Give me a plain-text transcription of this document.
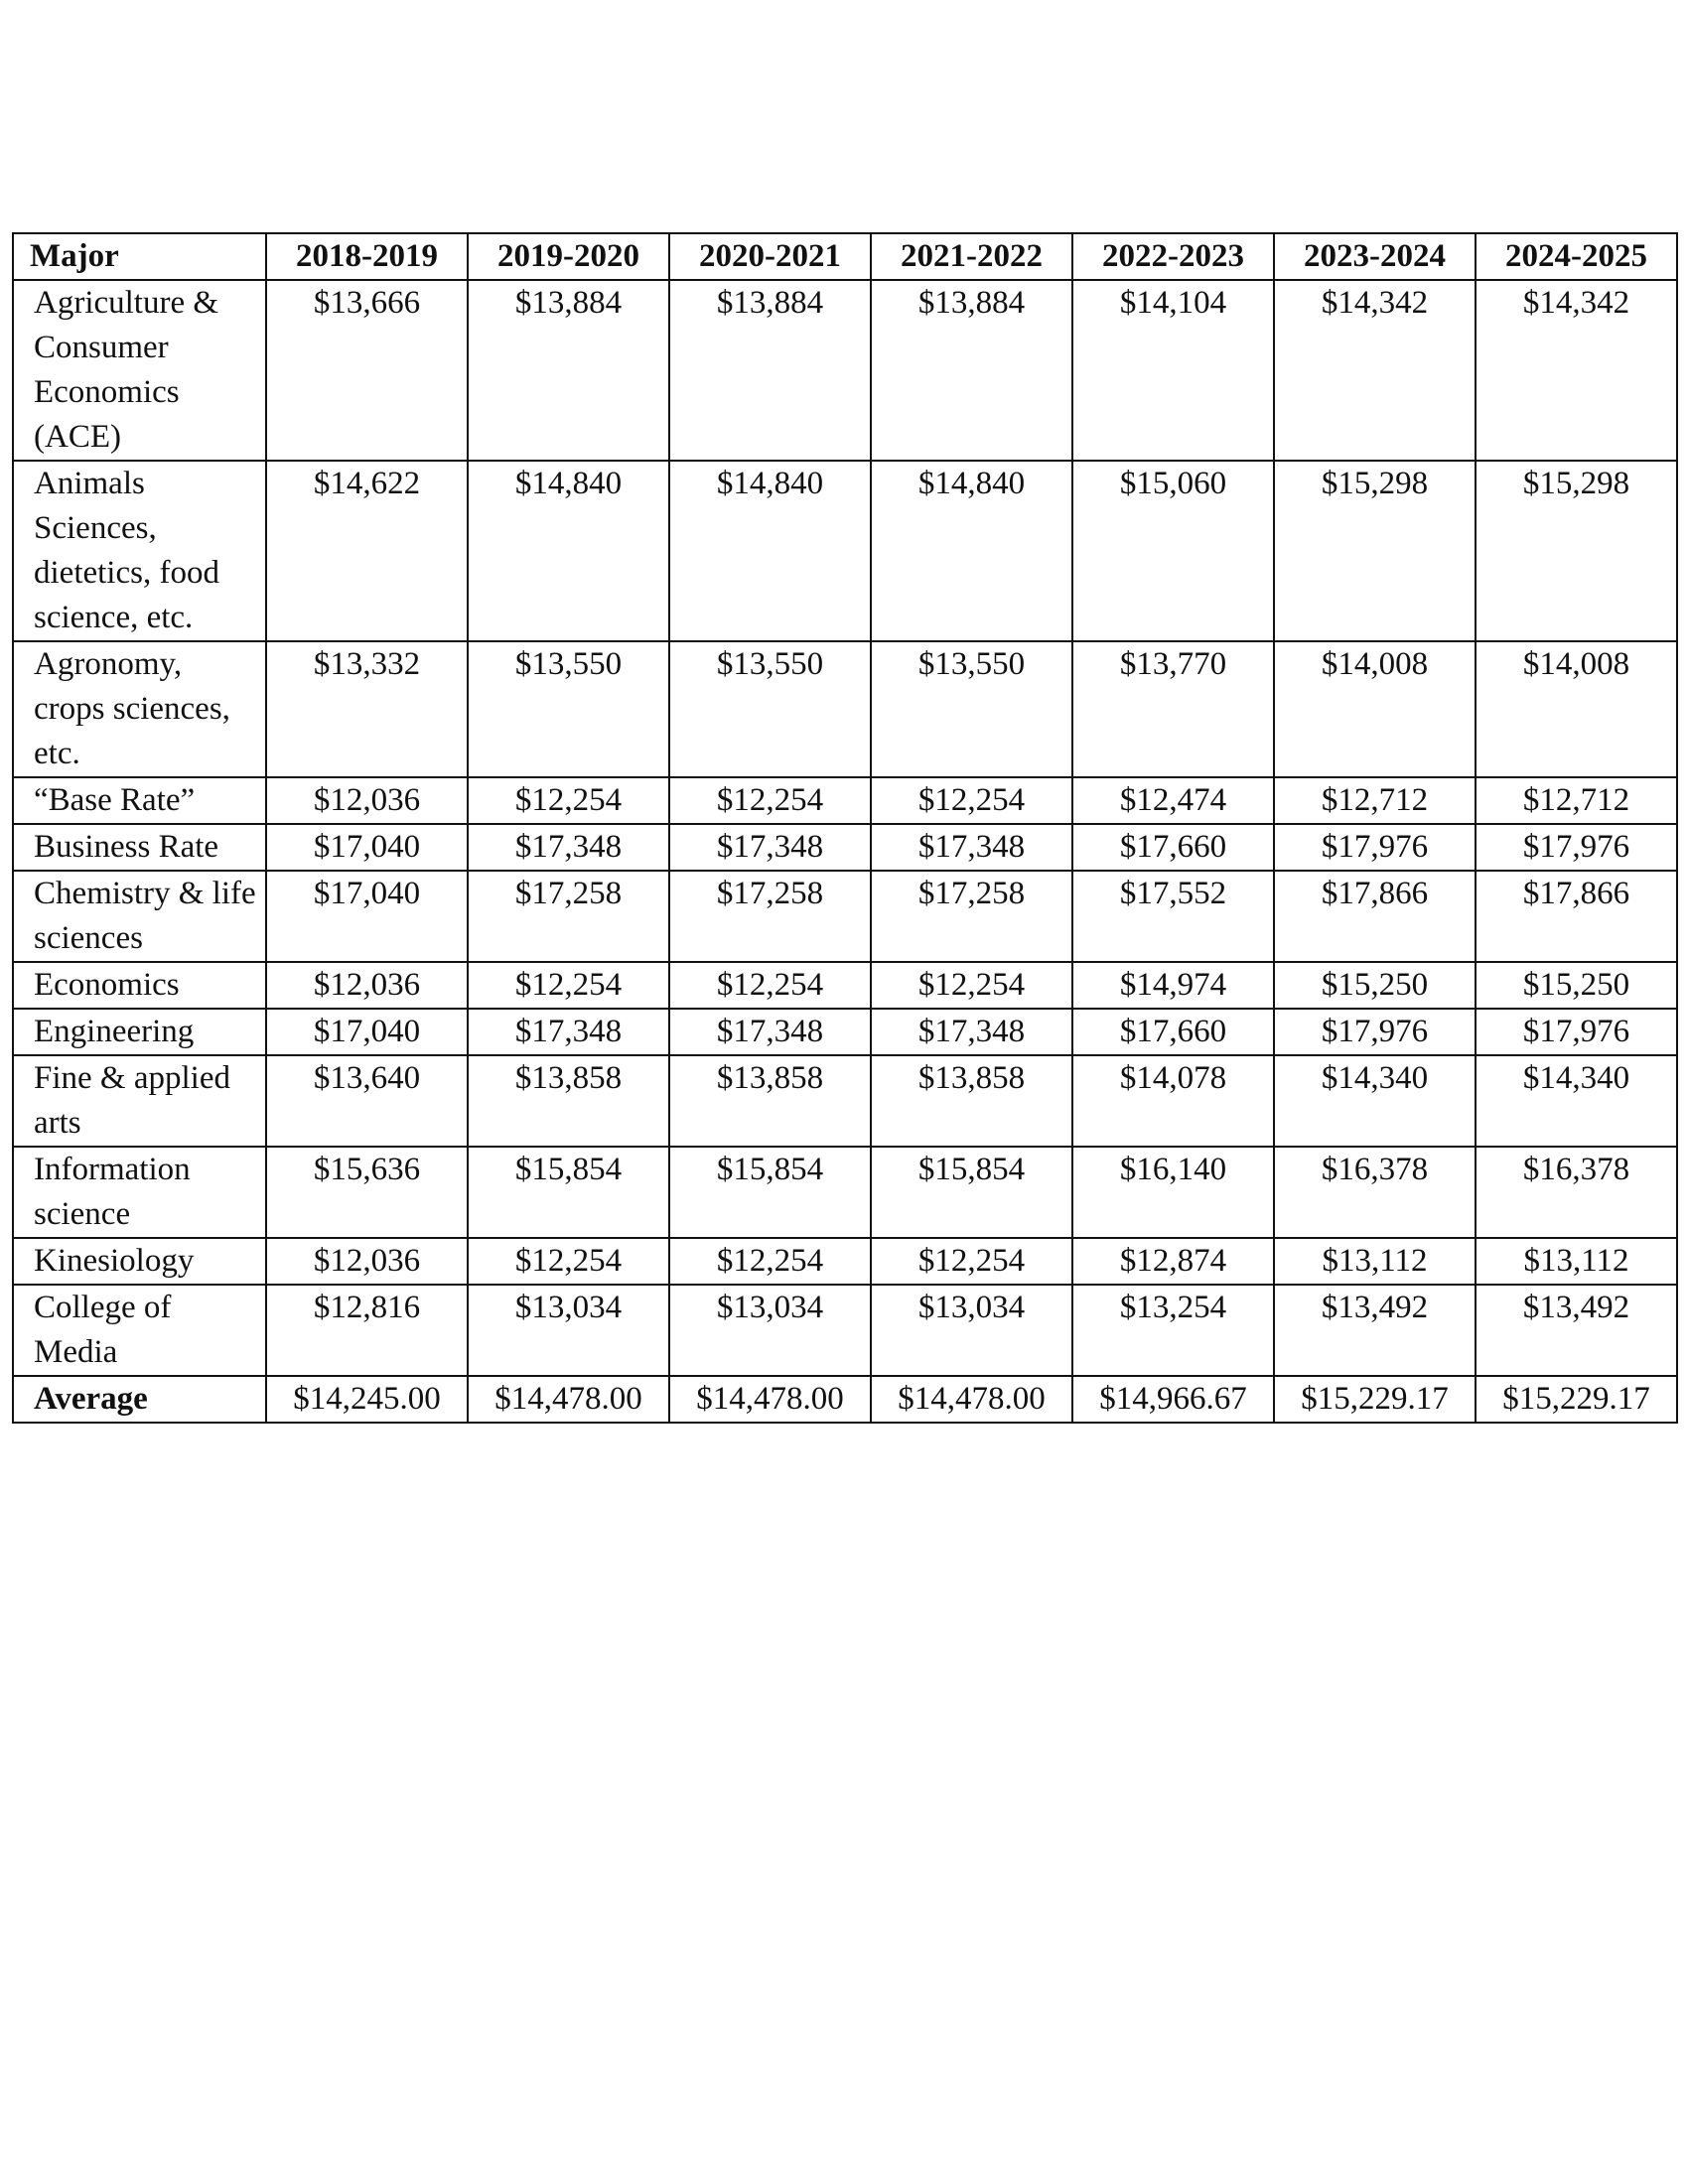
Major	2018-2019	2019-2020	2020-2021	2021-2022	2022-2023	2023-2024	2024-2025
Agriculture & Consumer Economics (ACE)	$13,666	$13,884	$13,884	$13,884	$14,104	$14,342	$14,342
Animals Sciences, dietetics, food science, etc.	$14,622	$14,840	$14,840	$14,840	$15,060	$15,298	$15,298
Agronomy, crops sciences, etc.	$13,332	$13,550	$13,550	$13,550	$13,770	$14,008	$14,008
“Base Rate”	$12,036	$12,254	$12,254	$12,254	$12,474	$12,712	$12,712
Business Rate	$17,040	$17,348	$17,348	$17,348	$17,660	$17,976	$17,976
Chemistry & life sciences	$17,040	$17,258	$17,258	$17,258	$17,552	$17,866	$17,866
Economics	$12,036	$12,254	$12,254	$12,254	$14,974	$15,250	$15,250
Engineering	$17,040	$17,348	$17,348	$17,348	$17,660	$17,976	$17,976
Fine & applied arts	$13,640	$13,858	$13,858	$13,858	$14,078	$14,340	$14,340
Information science	$15,636	$15,854	$15,854	$15,854	$16,140	$16,378	$16,378
Kinesiology	$12,036	$12,254	$12,254	$12,254	$12,874	$13,112	$13,112
College of Media	$12,816	$13,034	$13,034	$13,034	$13,254	$13,492	$13,492
Average	$14,245.00	$14,478.00	$14,478.00	$14,478.00	$14,966.67	$15,229.17	$15,229.17
